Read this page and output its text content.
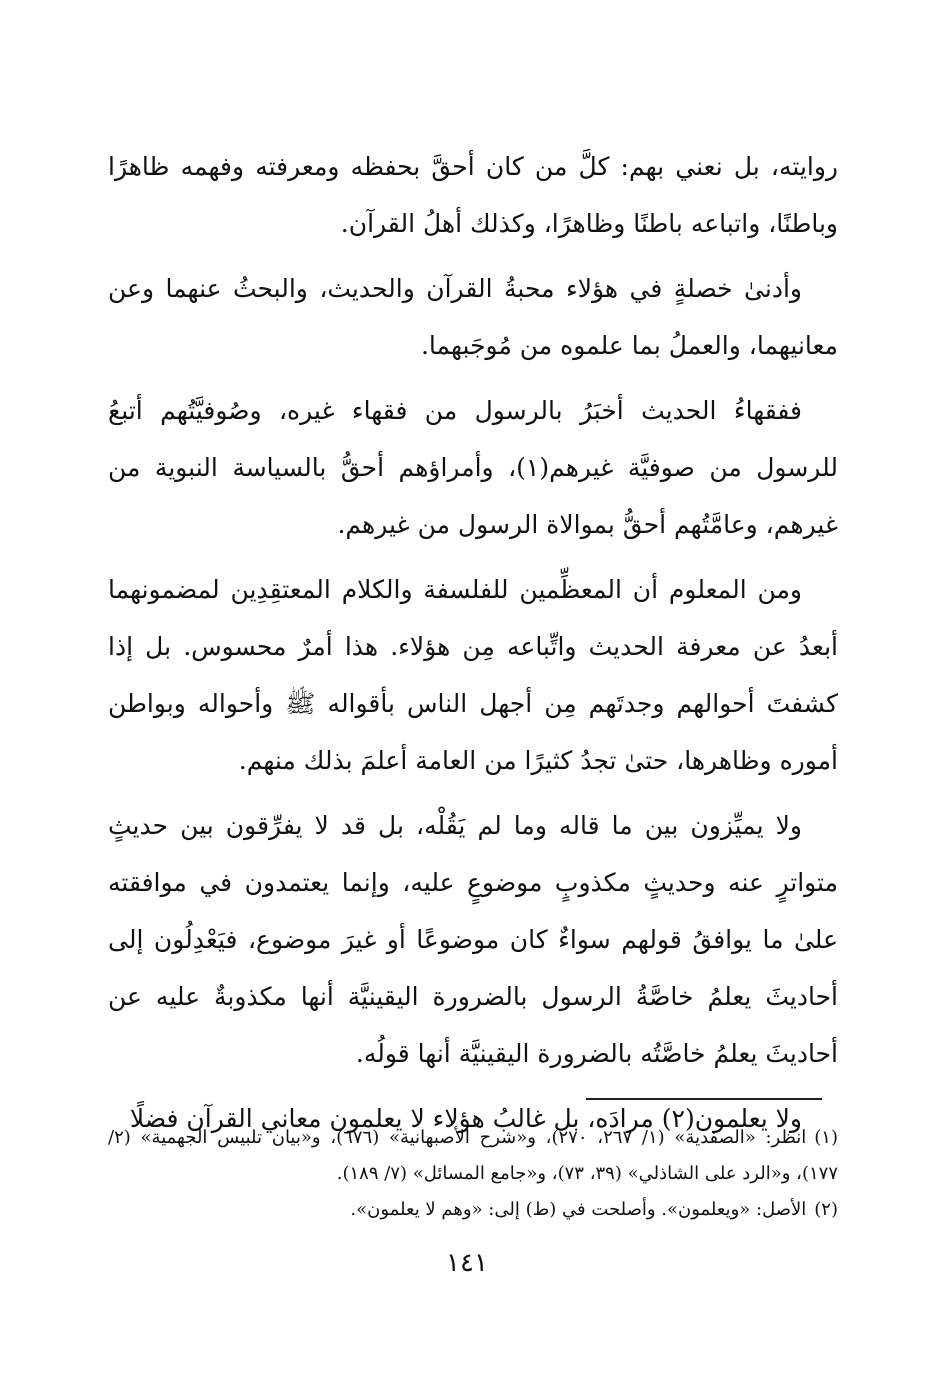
روايته، بل نعني بهم: كلَّ من كان أحقَّ بحفظه ومعرفته وفهمه ظاهرًا وباطنًا، واتباعه باطنًا وظاهرًا، وكذلك أهلُ القرآن.

وأدنىٰ خصلةٍ في هؤلاء محبةُ القرآن والحديث، والبحثُ عنهما وعن معانيهما، والعملُ بما علموه من مُوجَبهما.

ففقهاءُ الحديث أخبَرُ بالرسول من فقهاء غيره، وصُوفيَّتُهم أتبعُ للرسول من صوفيَّة غيرهم(١)، وأمراؤهم أحقُّ بالسياسة النبوية من غيرهم، وعامَّتُهم أحقُّ بموالاة الرسول من غيرهم.

ومن المعلوم أن المعظِّمين للفلسفة والكلام المعتقِدِين لمضمونهما أبعدُ عن معرفة الحديث واتِّباعه مِن هؤلاء. هذا أمرٌ محسوس. بل إذا كشفتَ أحوالهم وجدتَهم مِن أجهل الناس بأقواله ﷺ وأحواله وبواطن أموره وظاهرها، حتىٰ تجدُ كثيرًا من العامة أعلمَ بذلك منهم.

ولا يميِّزون بين ما قاله وما لم يَقُلْه، بل قد لا يفرِّقون بين حديثٍ متواترٍ عنه وحديثٍ مكذوبٍ موضوعٍ عليه، وإنما يعتمدون في موافقته علىٰ ما يوافقُ قولهم سواءٌ كان موضوعًا أو غيرَ موضوع، فيَعْدِلُون إلى أحاديثَ يعلمُ خاصَّةُ الرسول بالضرورة اليقينيَّة أنها مكذوبةٌ عليه عن أحاديثَ يعلمُ خاصَّتُه بالضرورة اليقينيَّة أنها قولُه.

ولا يعلمون(٢) مرادَه، بل غالبُ هؤلاء لا يعلمون معاني القرآن فضلًا

(١)انظر: «الصفدية» (١/ ٢٦٧، ٢٧٠)، و«شرح الأصبهانية» (٦٧٦)، و«بيان تلبيس الجهمية» (٢/ ١٧٧)، و«الرد على الشاذلي» (٣٩، ٧٣)، و«جامع المسائل» (٧/ ١٨٩).

(٢)الأصل: «ويعلمون». وأصلحت في (ط) إلى: «وهم لا يعلمون».

١٤١
